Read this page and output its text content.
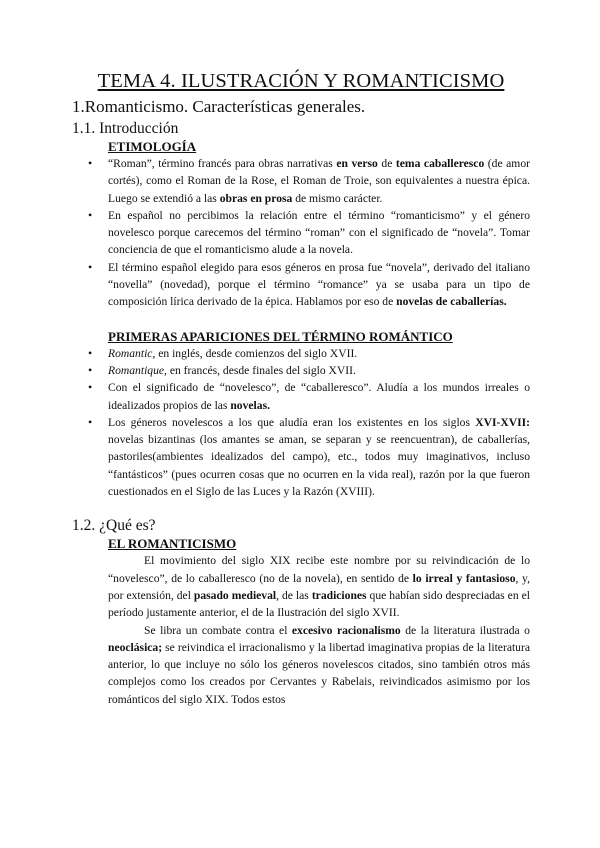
TEMA 4. ILUSTRACIÓN Y ROMANTICISMO
1.Romanticismo. Características generales.
1.1. Introducción
ETIMOLOGÍA
• “Roman”, término francés para obras narrativas en verso de tema caballeresco (de amor cortés), como el Roman de la Rose, el Roman de Troie, son equivalentes a nuestra épica. Luego se extendió a las obras en prosa de mismo carácter.
• En español no percibimos la relación entre el término “romanticismo” y el género novelesco porque carecemos del término “roman” con el significado de “novela”. Tomar conciencia de que el romanticismo alude a la novela.
• El término español elegido para esos géneros en prosa fue “novela”, derivado del italiano “novella” (novedad), porque el término “romance” ya se usaba para un tipo de composición lírica derivado de la épica. Hablamos por eso de novelas de caballerías.
PRIMERAS APARICIONES DEL TÉRMINO ROMÁNTICO
• Romantic, en inglés, desde comienzos del siglo XVII.
• Romantique, en francés, desde finales del siglo XVII.
• Con el significado de “novelesco”, de “caballeresco”. Aludía a los mundos irreales o idealizados propios de las novelas.
• Los géneros novelescos a los que aludía eran los existentes en los siglos XVI-XVII: novelas bizantinas (los amantes se aman, se separan y se reencuentran), de caballerías, pastoriles(ambientes idealizados del campo), etc., todos muy imaginativos, incluso “fantásticos” (pues ocurren cosas que no ocurren en la vida real), razón por la que fueron cuestionados en el Siglo de las Luces y la Razón (XVIII).
1.2. ¿Qué es?
EL ROMANTICISMO

El movimiento del siglo XIX recibe este nombre por su reivindicación de lo “novelesco”, de lo caballeresco (no de la novela), en sentido de lo irreal y fantasioso, y, por extensión, del pasado medieval, de las tradiciones que habían sido despreciadas en el período justamente anterior, el de la Ilustración del siglo XVII.

Se libra un combate contra el excesivo racionalismo de la literatura ilustrada o neoclásica; se reivindica el irracionalismo y la libertad imaginativa propias de la literatura anterior, lo que incluye no sólo los géneros novelescos citados, sino también otros más complejos como los creados por Cervantes y Rabelais, reivindicados asimismo por los románticos del siglo XIX. Todos estos
